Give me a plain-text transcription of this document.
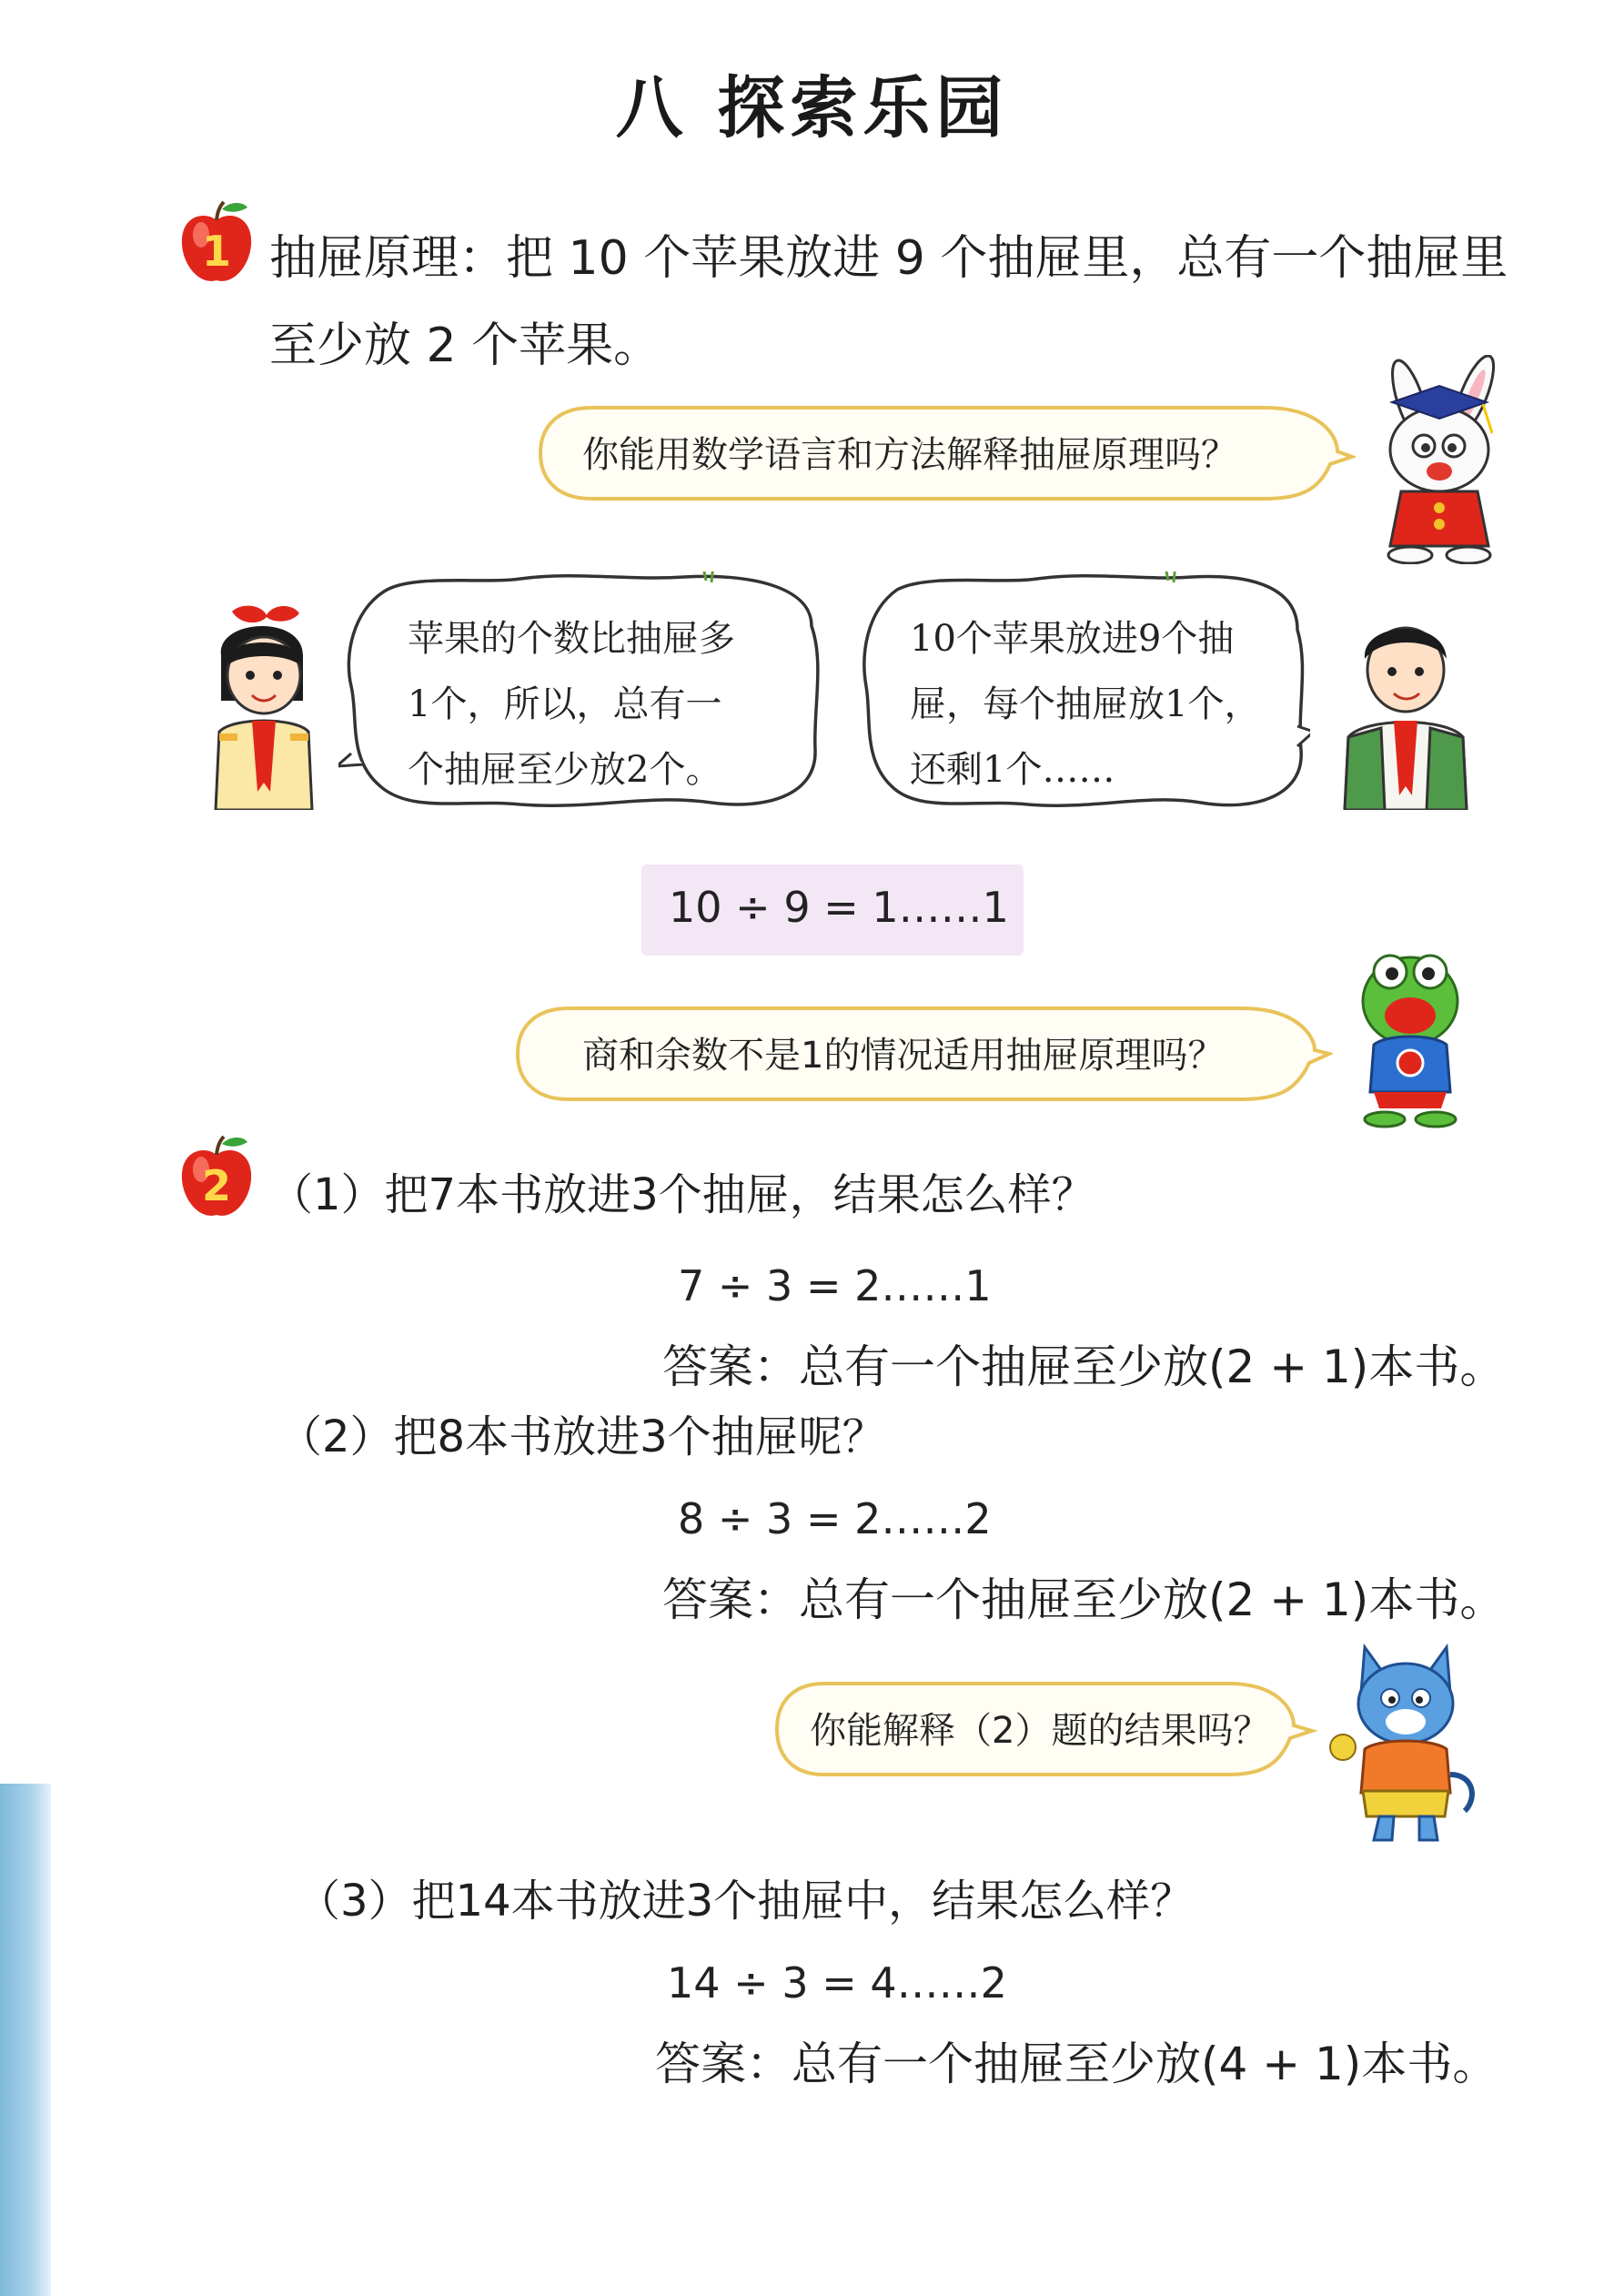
八 探索乐园
1 抽屉原理：把 10 个苹果放进 9 个抽屉里，总有一个抽屉里
至少放 2 个苹果。
你能用数学语言和方法解释抽屉原理吗？
苹果的个数比抽屉多
1个，所以，总有一
个抽屉至少放2个。
10个苹果放进9个抽
屉，每个抽屉放1个，
还剩1个……
10 ÷ 9 = 1……1
商和余数不是1的情况适用抽屉原理吗？
2 （1）把7本书放进3个抽屉，结果怎么样？
7 ÷ 3 = 2……1
答案：总有一个抽屉至少放(2 + 1)本书。
（2）把8本书放进3个抽屉呢？
8 ÷ 3 = 2……2
答案：总有一个抽屉至少放(2 + 1)本书。
你能解释（2）题的结果吗？
（3）把14本书放进3个抽屉中，结果怎么样？
14 ÷ 3 = 4……2
答案：总有一个抽屉至少放(4 + 1)本书。
